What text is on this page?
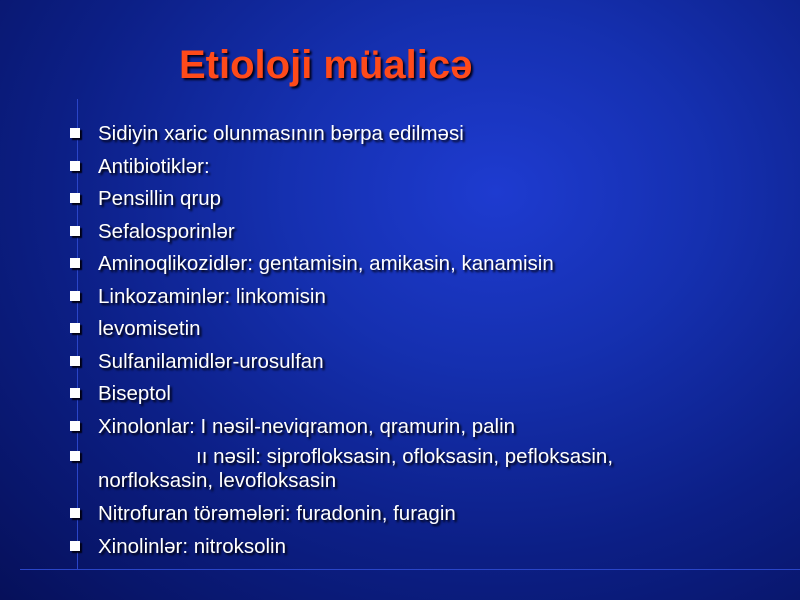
Etioloji müalicə
Sidiyin xaric olunmasının bərpa edilməsi
Antibiotiklər:
Pensillin qrup
Sefalosporinlər
Aminoqlikozidlər: gentamisin, amikasin, kanamisin
Linkozaminlər: linkomisin
levomisetin
Sulfanilamidlər-urosulfan
Biseptol
Xinolonlar: I nəsil-neviqramon, qramurin, palin
ıı nəsil: siprofloksasin, ofloksasin, pefloksasin,
norfloksasin, levofloksasin
Nitrofuran törəmələri: furadonin, furagin
Xinolinlər: nitroksolin
